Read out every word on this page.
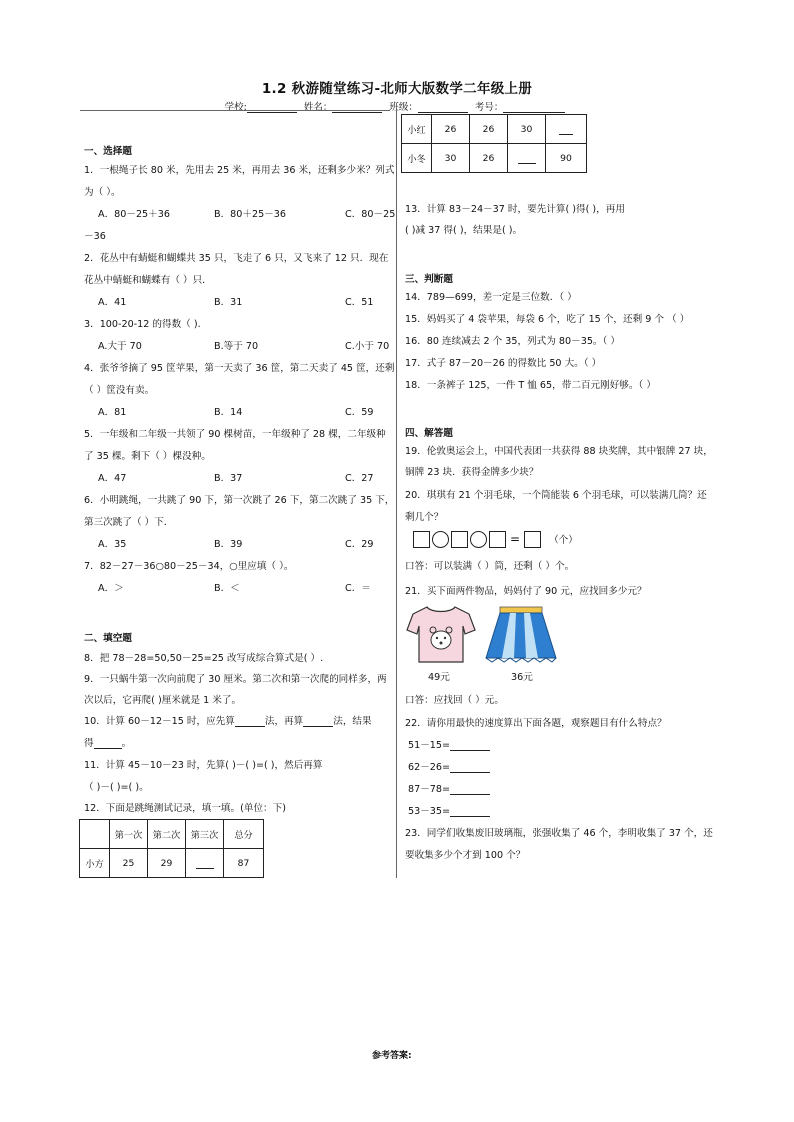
1.2 秋游随堂练习-北师大版数学二年级上册
学校:	姓名：	班级：	考号：
一、选择题
1．一根绳子长 80 米，先用去 25 米，再用去 36 米，还剩多少米？列式
为（ ）。
A．80－25＋36	B．80＋25－36	C．80－25
－36
2．花丛中有蜻蜓和蝴蝶共 35 只，飞走了 6 只，又飞来了 12 只．现在
花丛中蜻蜓和蝴蝶有（ ）只．
A．41	B．31	C．51
3．100-20-12 的得数（ ).
A.大于 70	B.等于 70	C.小于 70
4．张爷爷摘了 95 筐苹果，第一天卖了 36 筐，第二天卖了 45 筐，还剩
（ ）筐没有卖。
A．81	B．14	C．59
5．一年级和二年级一共领了 90 棵树苗，一年级种了 28 棵，二年级种
了 35 棵。剩下（ ）棵没种。
A．47	B．37	C．27
6．小明跳绳，一共跳了 90 下，第一次跳了 26 下，第二次跳了 35 下，
第三次跳了（ ）下．
A．35	B．39	C．29
7．82－27－36○80－25－34，○里应填（ ）。
A．＞	B．＜	C．＝
二、填空题
8．把 78－28=50,50－25=25 改写成综合算式是( ）.
9．一只蜗牛第一次向前爬了 30 厘米。第二次和第一次爬的同样多，两
次以后，它再爬( )厘米就是 1 米了。
10．计算 60－12－15 时，应先算	法，再算	法，结果
得	。
11．计算 45－10－23 时，先算( )－( )=( )，然后再算
（ )－( )=( )。
12．下面是跳绳测试记录，填一填。(单位：下)
	第一次	第二次	第三次	总分
小方	25	29		87
小红	26	26	30	
小冬	30	26		90
13．计算 83－24－37 时，要先计算( )得( )，再用
( )减 37 得( )，结果是( )。
三、判断题
14．789—699，差一定是三位数．（ ）
15．妈妈买了 4 袋苹果，每袋 6 个，吃了 15 个，还剩 9 个 （ ）
16．80 连续减去 2 个 35，列式为 80－35。（ ）
17．式子 87－20－26 的得数比 50 大。（ ）
18．一条裤子 125，一件 T 恤 65，带二百元刚好够。（ ）
四、解答题
19．伦敦奥运会上，中国代表团一共获得 88 块奖牌，其中银牌 27 块，
铜牌 23 块．获得金牌多少块？
20．琪琪有 21 个羽毛球，一个筒能装 6 个羽毛球，可以装满几筒？还
剩几个？
=	（个）
口答：可以装满（ ）筒，还剩（ ）个。
21．买下面两件物品，妈妈付了 90 元，应找回多少元？
49元	36元
口答：应找回（ ）元。
22．请你用最快的速度算出下面各题，观察题目有什么特点？
51－15=
62－26=
87－78=
53－35=
23．同学们收集废旧玻璃瓶，张强收集了 46 个，李明收集了 37 个，还
要收集多少个才到 100 个？
参考答案:
